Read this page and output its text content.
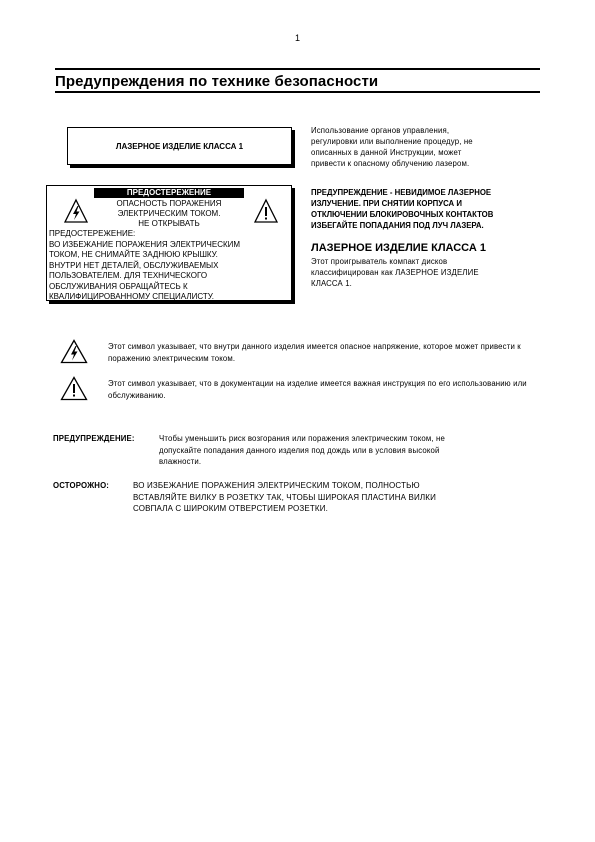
1
Предупреждения по технике безопасности
ЛАЗЕРНОЕ ИЗДЕЛИЕ КЛАССА 1
ПРЕДОСТЕРЕЖЕНИЕ
ОПАСНОСТЬ ПОРАЖЕНИЯ
ЭЛЕКТРИЧЕСКИМ ТОКОМ.
НЕ ОТКРЫВАТЬ
ПРЕДОСТЕРЕЖЕНИЕ:
ВО ИЗБЕЖАНИЕ ПОРАЖЕНИЯ ЭЛЕКТРИЧЕСКИМ
ТОКОМ, НЕ СНИМАЙТЕ ЗАДНЮЮ КРЫШКУ.
ВНУТРИ НЕТ ДЕТАЛЕЙ, ОБСЛУЖИВАЕМЫХ
ПОЛЬЗОВАТЕЛЕМ. ДЛЯ ТЕХНИЧЕСКОГО
ОБСЛУЖИВАНИЯ ОБРАЩАЙТЕСЬ К
КВАЛИФИЦИРОВАННОМУ СПЕЦИАЛИСТУ.
Использование органов управления,
регулировки или выполнение процедур, не
описанных в данной Инструкции, может
привести к опасному облучению лазером.
ПРЕДУПРЕЖДЕНИЕ - НЕВИДИМОЕ ЛАЗЕРНОЕ
ИЗЛУЧЕНИЕ. ПРИ СНЯТИИ КОРПУСА И
ОТКЛЮЧЕНИИ БЛОКИРОВОЧНЫХ КОНТАКТОВ
ИЗБЕГАЙТЕ ПОПАДАНИЯ ПОД ЛУЧ ЛАЗЕРА.
ЛАЗЕРНОЕ ИЗДЕЛИЕ КЛАССА 1
Этот проигрыватель компакт дисков
классифицирован как ЛАЗЕРНОЕ ИЗДЕЛИЕ
КЛАССА 1.
Этот символ указывает, что внутри данного изделия имеется опасное напряжение, которое может привести к поражению электрическим током.
Этот символ указывает, что в документации на изделие имеется важная инструкция по его использованию или обслуживанию.
ПРЕДУПРЕЖДЕНИЕ:	Чтобы уменьшить риск возгорания или поражения электрическим током, не
допускайте попадания данного изделия под дождь или в условия высокой
влажности.
ОСТОРОЖНО:	ВО ИЗБЕЖАНИЕ ПОРАЖЕНИЯ ЭЛЕКТРИЧЕСКИМ ТОКОМ, ПОЛНОСТЬЮ
ВСТАВЛЯЙТЕ ВИЛКУ В РОЗЕТКУ ТАК, ЧТОБЫ ШИРОКАЯ ПЛАСТИНА ВИЛКИ
СОВПАЛА С ШИРОКИМ ОТВЕРСТИЕМ РОЗЕТКИ.
